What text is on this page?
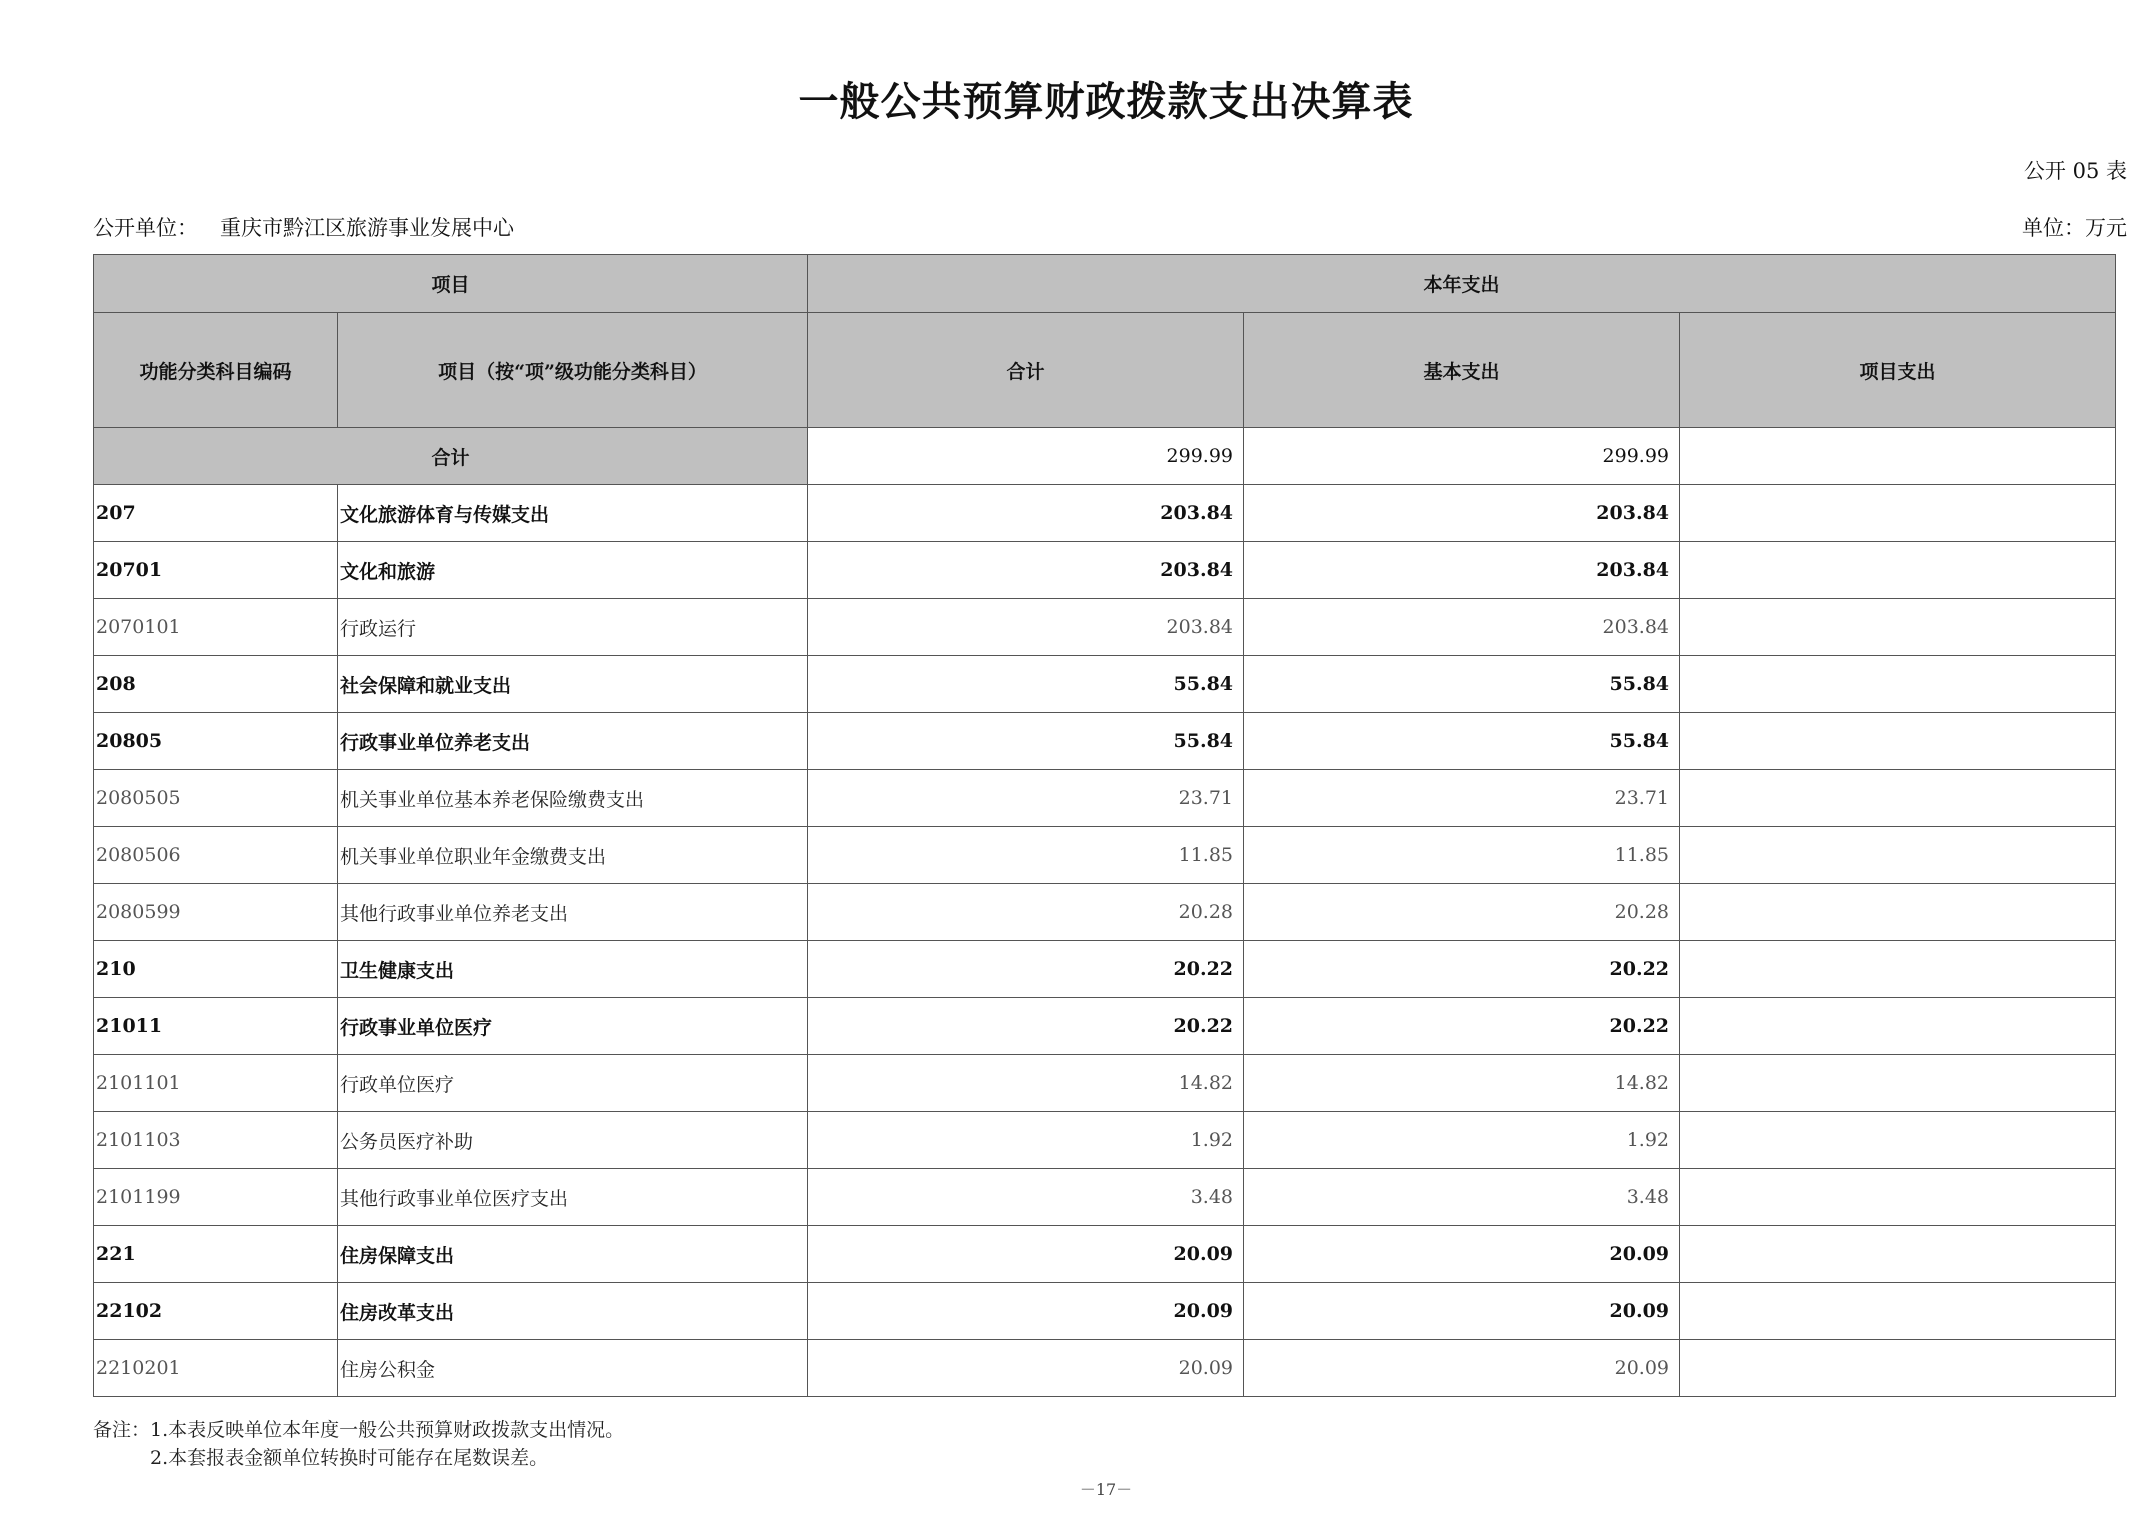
一般公共预算财政拨款支出决算表
公开 05 表
公开单位： 重庆市黔江区旅游事业发展中心	单位：万元
项目		本年支出		
功能分类科目编码	项目（按“项”级功能分类科目）	合计	基本支出	项目支出
合计		299.99	299.99	
207	文化旅游体育与传媒支出	203.84	203.84	
20701	文化和旅游	203.84	203.84	
2070101	行政运行	203.84	203.84	
208	社会保障和就业支出	55.84	55.84	
20805	行政事业单位养老支出	55.84	55.84	
2080505	机关事业单位基本养老保险缴费支出	23.71	23.71	
2080506	机关事业单位职业年金缴费支出	11.85	11.85	
2080599	其他行政事业单位养老支出	20.28	20.28	
210	卫生健康支出	20.22	20.22	
21011	行政事业单位医疗	20.22	20.22	
2101101	行政单位医疗	14.82	14.82	
2101103	公务员医疗补助	1.92	1.92	
2101199	其他行政事业单位医疗支出	3.48	3.48	
221	住房保障支出	20.09	20.09	
22102	住房改革支出	20.09	20.09	
2210201	住房公积金	20.09	20.09	
备注：1.本表反映单位本年度一般公共预算财政拨款支出情况。
2.本套报表金额单位转换时可能存在尾数误差。
－17－
